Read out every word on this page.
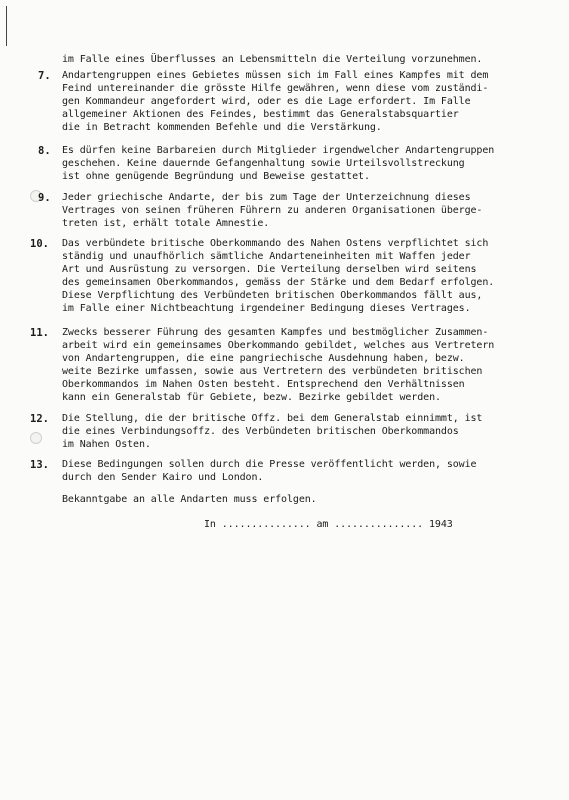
im Falle eines Überflusses an Lebensmitteln die Verteilung vorzunehmen.
7. Andartengruppen eines Gebietes müssen sich im Fall eines Kampfes mit dem
Feind untereinander die grösste Hilfe gewähren, wenn diese vom zuständi-
gen Kommandeur angefordert wird, oder es die Lage erfordert. Im Falle
allgemeiner Aktionen des Feindes, bestimmt das Generalstabsquartier
die in Betracht kommenden Befehle und die Verstärkung.
8. Es dürfen keine Barbareien durch Mitglieder irgendwelcher Andartengruppen
geschehen. Keine dauernde Gefangenhaltung sowie Urteilsvollstreckung
ist ohne genügende Begründung und Beweise gestattet.
9. Jeder griechische Andarte, der bis zum Tage der Unterzeichnung dieses
Vertrages von seinen früheren Führern zu anderen Organisationen überge-
treten ist, erhält totale Amnestie.
10. Das verbündete britische Oberkommando des Nahen Ostens verpflichtet sich
ständig und unaufhörlich sämtliche Andarteneinheiten mit Waffen jeder
Art und Ausrüstung zu versorgen. Die Verteilung derselben wird seitens
des gemeinsamen Oberkommandos, gemäss der Stärke und dem Bedarf erfolgen.
Diese Verpflichtung des Verbündeten britischen Oberkommandos fällt aus,
im Falle einer Nichtbeachtung irgendeiner Bedingung dieses Vertrages.
11. Zwecks besserer Führung des gesamten Kampfes und bestmöglicher Zusammen-
arbeit wird ein gemeinsames Oberkommando gebildet, welches aus Vertretern
von Andartengruppen, die eine pangriechische Ausdehnung haben, bezw.
weite Bezirke umfassen, sowie aus Vertretern des verbündeten britischen
Oberkommandos im Nahen Osten besteht. Entsprechend den Verhältnissen
kann ein Generalstab für Gebiete, bezw. Bezirke gebildet werden.
12. Die Stellung, die der britische Offz. bei dem Generalstab einnimmt, ist
die eines Verbindungsoffz. des Verbündeten britischen Oberkommandos
im Nahen Osten.
13. Diese Bedingungen sollen durch die Presse veröffentlicht werden, sowie
durch den Sender Kairo und London.
Bekanntgabe an alle Andarten muss erfolgen.
In ............... am ............... 1943
